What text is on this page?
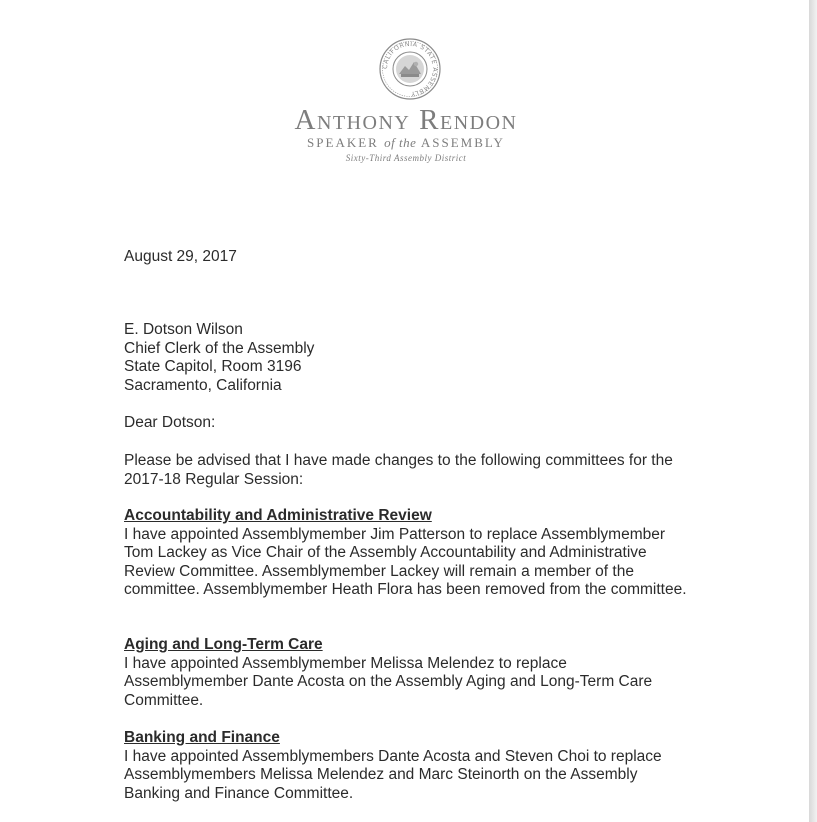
CALIFORNIA STATE ASSEMBLY
Anthony Rendon
SPEAKER of the ASSEMBLY
Sixty-Third Assembly District
August 29, 2017
E. Dotson Wilson
Chief Clerk of the Assembly
State Capitol, Room 3196
Sacramento, California
Dear Dotson:
Please be advised that I have made changes to the following committees for the 2017-18 Regular Session:
Accountability and Administrative Review
I have appointed Assemblymember Jim Patterson to replace Assemblymember Tom Lackey as Vice Chair of the Assembly Accountability and Administrative Review Committee. Assemblymember Lackey will remain a member of the committee. Assemblymember Heath Flora has been removed from the committee.
Aging and Long-Term Care
I have appointed Assemblymember Melissa Melendez to replace Assemblymember Dante Acosta on the Assembly Aging and Long-Term Care Committee.
Banking and Finance
I have appointed Assemblymembers Dante Acosta and Steven Choi to replace Assemblymembers Melissa Melendez and Marc Steinorth on the Assembly Banking and Finance Committee.
